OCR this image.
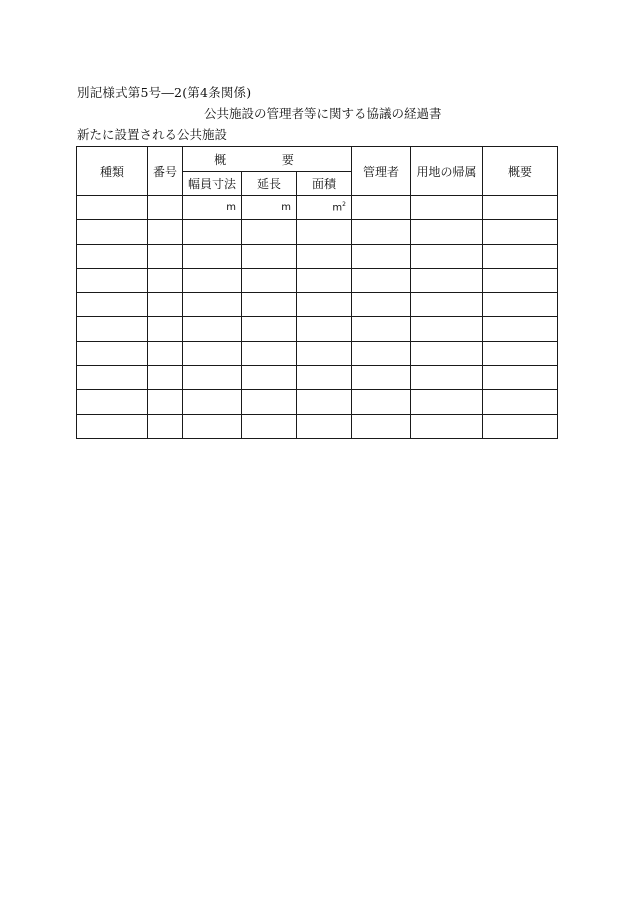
別記様式第5号―2(第4条関係)
公共施設の管理者等に関する協議の経過書
新たに設置される公共施設
種類	番号	概 要			管理者	用地の帰属	概要
		幅員寸法	延長	面積			
		m	m	$m^2$			
